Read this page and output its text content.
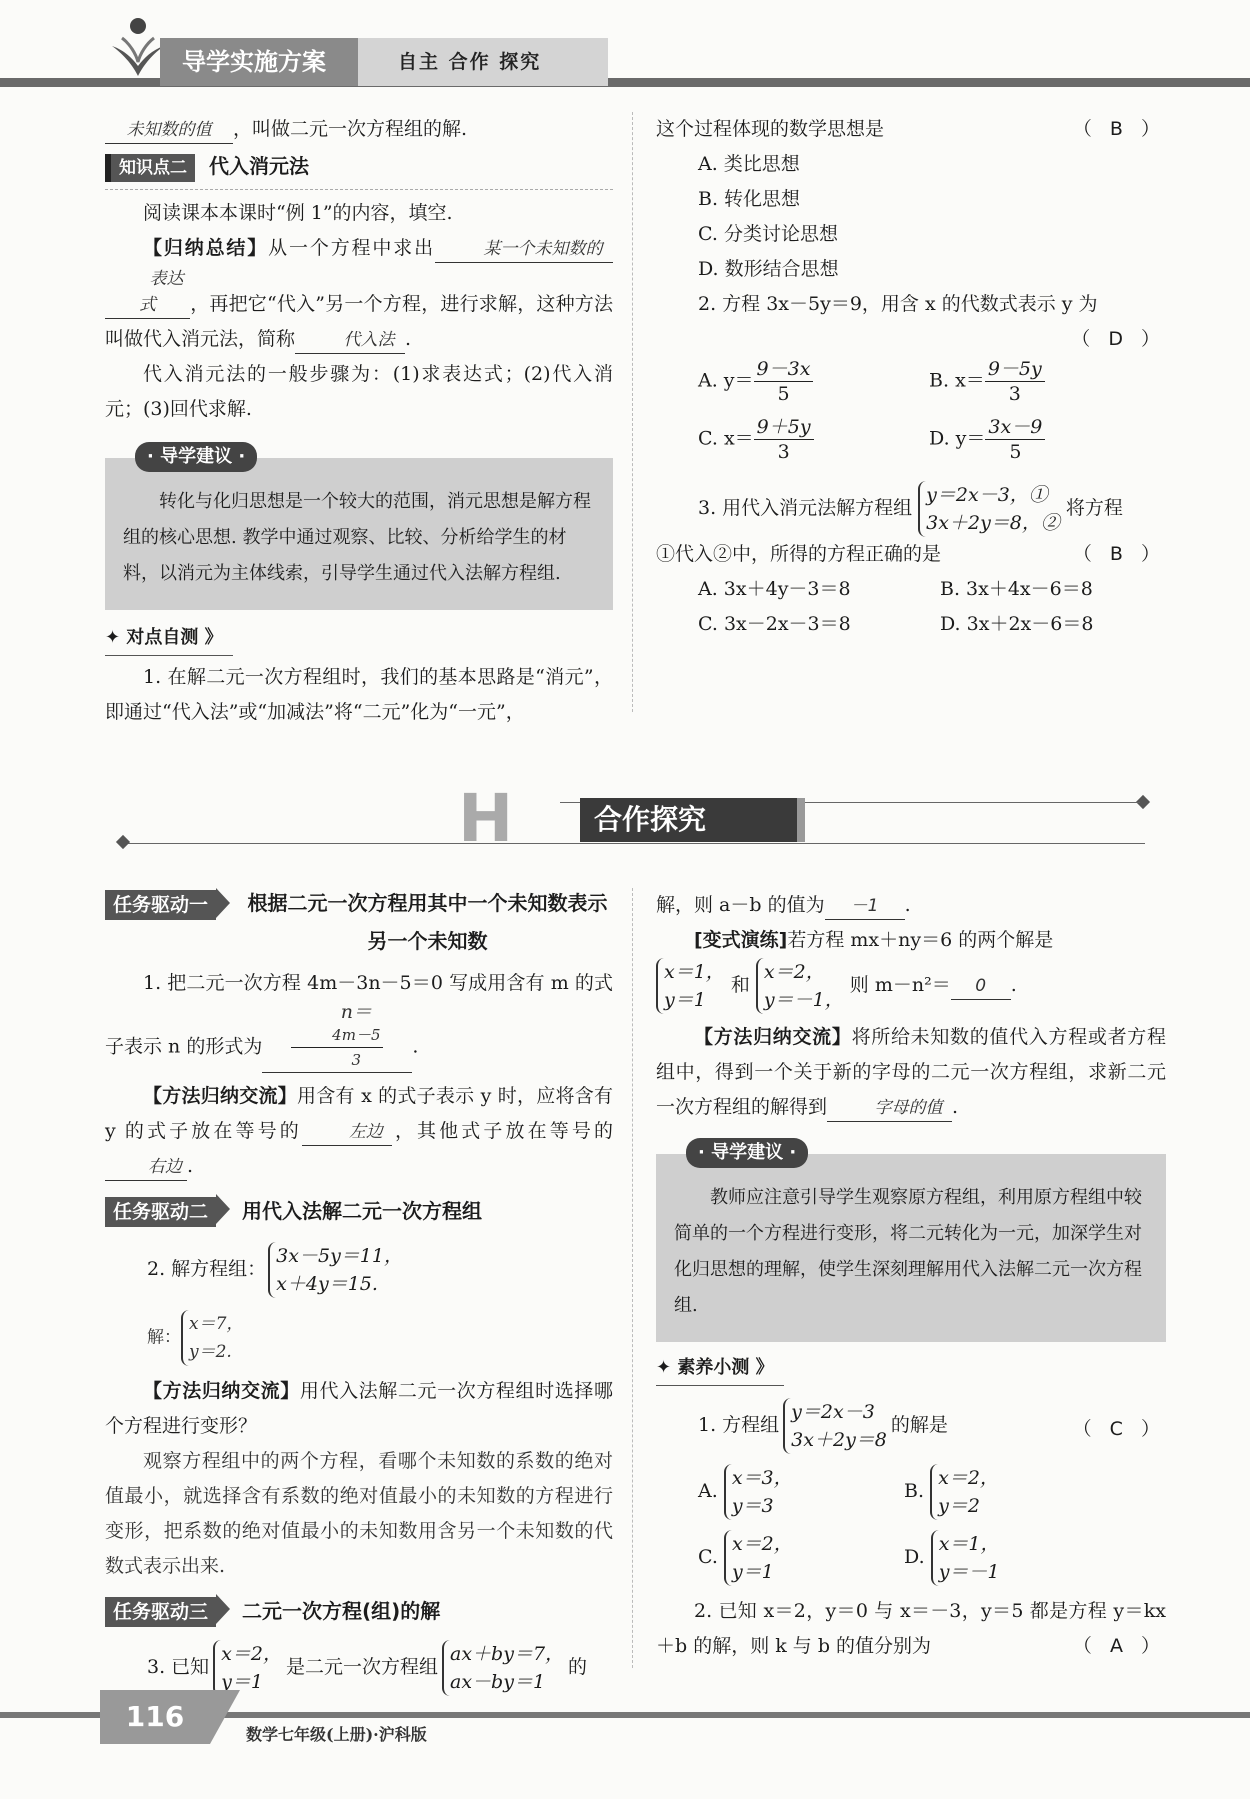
导学实施方案	自主 合作 探究
未知数的值 ，叫做二元一次方程组的解.
知识点二 代入消元法
阅读课本本课时“例 1”的内容，填空.
【归纳总结】从一个方程中求出	某一个未知数的表达式 ，再把它“代入”另一个方程，进行求解，这种方法叫做代入消元法，简称	代入法 .
代入消元法的一般步骤为：(1)求表达式；(2)代入消元；(3)回代求解.
· 导学建议 ·
转化与化归思想是一个较大的范围，消元思想是解方程组的核心思想. 教学中通过观察、比较、分析给学生的材料，以消元为主体线索，引导学生通过代入法解方程组.
✦ 对点自测 》
1. 在解二元一次方程组时，我们的基本思路是“消元”，即通过“代入法”或“加减法”将“二元”化为“一元”，
这个过程体现的数学思想是	（ B ）
A. 类比思想
B. 转化思想
C. 分类讨论思想
D. 数形结合思想
2. 方程 3x－5y＝9，用含 x 的代数式表示 y 为
（ D ）
A. $y= \frac{9-3x}{5}$	B. $x= \frac{9-5y}{3}$
C. $x= \frac{9+5y}{3}$	D. $y= \frac{3x-9}{5}$
3. 用代入消元法解方程组
y＝2x－3，①
3x＋2y＝8，②
将方程
①代入②中，所得的方程正确的是	（ B ）
A. 3x＋4y－3＝8	B. 3x＋4x－6＝8
C. 3x－2x－3＝8	D. 3x＋2x－6＝8
H	合作探究
任务驱动一	根据二元一次方程用其中一个未知数表示另一个未知数
1. 把二元一次方程 4m－3n－5＝0 写成用含有 m 的式子表示 n 的形式为n＝
$\frac{4m-5}{3}$ .
【方法归纳交流】用含有 x 的式子表示 y 时，应将含有 y 的式子放在等号的	左边 ，其他式子放在等号的右边 .
任务驱动二 用代入法解二元一次方程组
2. 解方程组：
3x－5y＝11，
x＋4y＝15.
解：
x＝7，
y＝2.
【方法归纳交流】用代入法解二元一次方程组时选择哪个方程进行变形？
观察方程组中的两个方程，看哪个未知数的系数的绝对值最小，就选择含有系数的绝对值最小的未知数的方程进行变形，把系数的绝对值最小的未知数用含另一个未知数的代数式表示出来.
任务驱动三 二元一次方程(组)的解
3. 已知
x＝2，
y＝1
是二元一次方程组
ax＋by＝7，
ax－by＝1
的
解，则 a－b 的值为 －1 .
[变式演练]若方程 mx＋ny＝6 的两个解是
x＝1，
y＝1
和
x＝2，
y＝－1，
则 m－n²＝ 0 .
【方法归纳交流】将所给未知数的值代入方程或者方程组中，得到一个关于新的字母的二元一次方程组，求新二元一次方程组的解得到	字母的值 .
· 导学建议 ·
教师应注意引导学生观察原方程组，利用原方程组中较简单的一个方程进行变形，将二元转化为一元，加深学生对化归思想的理解，使学生深刻理解用代入法解二元一次方程组.
✦ 素养小测 》
1. 方程组
y＝2x－3
3x＋2y＝8
的解是	（ C ）
A.
x＝3，
y＝3
B.
x＝2，
y＝2
C.
x＝2，
y＝1
D.
x＝1，
y＝－1
2. 已知 x＝2，y＝0 与 x＝－3，y＝5 都是方程 y＝kx＋b 的解，则 k 与 b 的值分别为	（ A ）
116
数学七年级(上册)·沪科版
